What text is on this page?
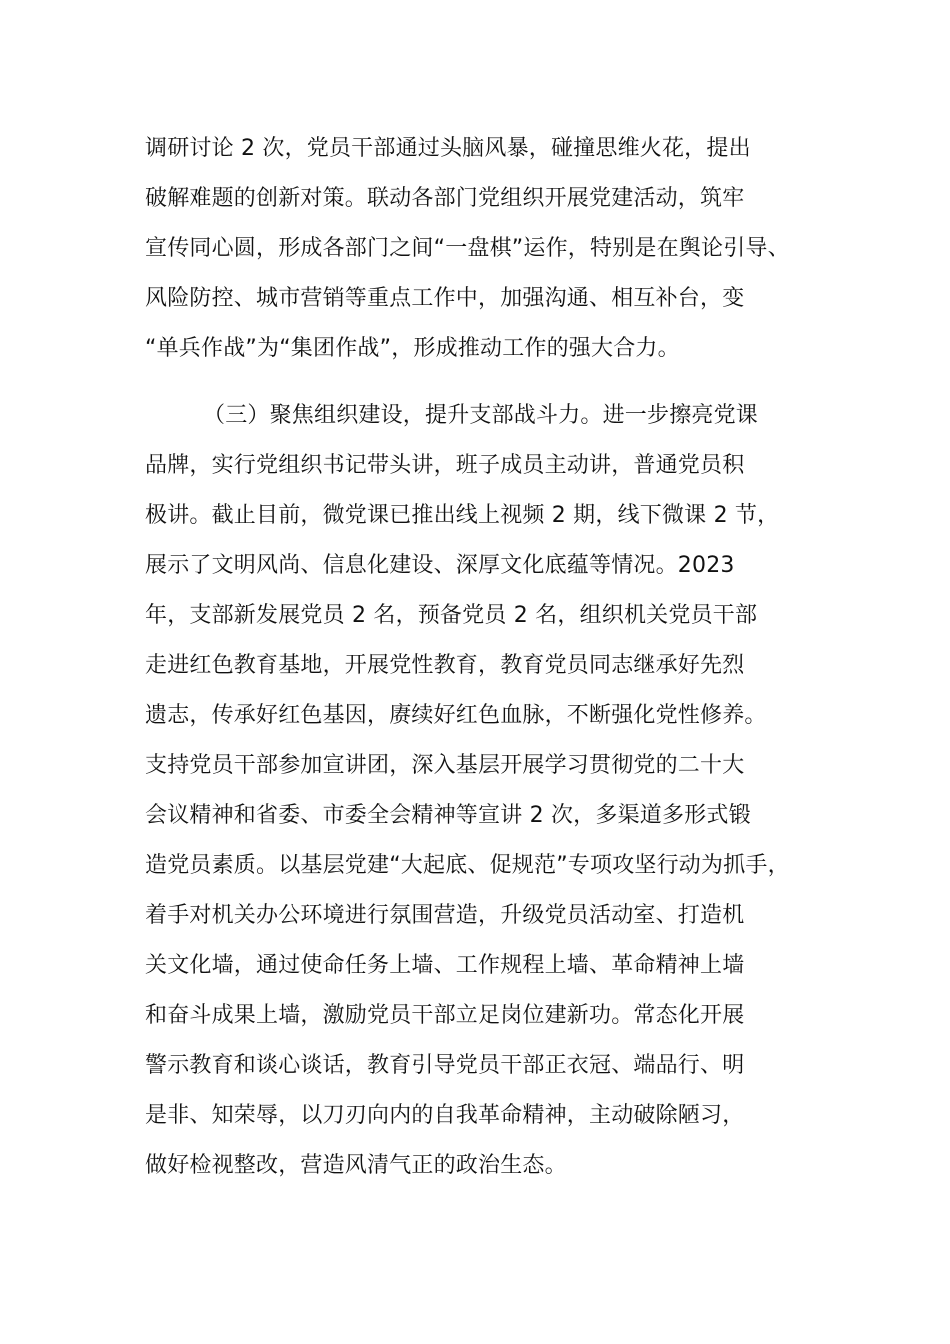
调研讨论 2 次，党员干部通过头脑风暴，碰撞思维火花，提出
破解难题的创新对策。联动各部门党组织开展党建活动，筑牢
宣传同心圆，形成各部门之间“一盘棋”运作，特别是在舆论引导、
风险防控、城市营销等重点工作中，加强沟通、相互补台，变
“单兵作战”为“集团作战”，形成推动工作的强大合力。
（三）聚焦组织建设，提升支部战斗力。进一步擦亮党课
品牌，实行党组织书记带头讲，班子成员主动讲，普通党员积
极讲。截止目前，微党课已推出线上视频 2 期，线下微课 2 节，
展示了文明风尚、信息化建设、深厚文化底蕴等情况。2023
年，支部新发展党员 2 名，预备党员 2 名，组织机关党员干部
走进红色教育基地，开展党性教育，教育党员同志继承好先烈
遗志，传承好红色基因，赓续好红色血脉，不断强化党性修养。
支持党员干部参加宣讲团，深入基层开展学习贯彻党的二十大
会议精神和省委、市委全会精神等宣讲 2 次，多渠道多形式锻
造党员素质。以基层党建“大起底、促规范”专项攻坚行动为抓手，
着手对机关办公环境进行氛围营造，升级党员活动室、打造机
关文化墙，通过使命任务上墙、工作规程上墙、革命精神上墙
和奋斗成果上墙，激励党员干部立足岗位建新功。常态化开展
警示教育和谈心谈话，教育引导党员干部正衣冠、端品行、明
是非、知荣辱，以刀刃向内的自我革命精神，主动破除陋习，
做好检视整改，营造风清气正的政治生态。
